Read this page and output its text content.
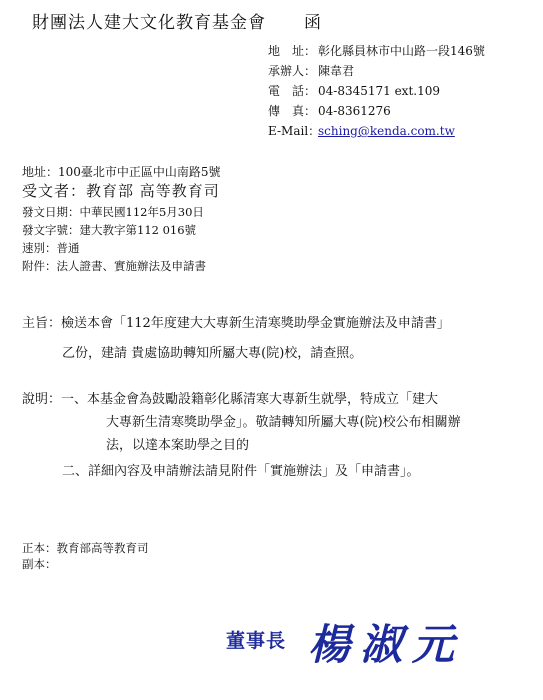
財團法人建大文化教育基金會 函
地　址： 彰化縣員林市中山路一段146號
承辦人： 陳韋君
電　話： 04-8345171 ext.109
傳　真： 04-8361276
E-Mail：sching@kenda.com.tw
地址：100臺北市中正區中山南路5號
受文者：教育部 高等教育司
發文日期：中華民國112年5月30日
發文字號：建大教字第112 016號
速別：普通
附件：法人證書、實施辦法及申請書
主旨：檢送本會「112年度建大大專新生清寒獎助學金實施辦法及申請書」
乙份，建請 貴處協助轉知所屬大專(院)校，請查照。
說明：一、本基金會為鼓勵設籍彰化縣清寒大專新生就學，特成立「建大
大專新生清寒獎助學金」。敬請轉知所屬大專(院)校公布相關辦
法，以達本案助學之目的
二、詳細內容及申請辦法請見附件「實施辦法」及「申請書」。
正本：教育部高等教育司
副本：
董事長 楊淑元
